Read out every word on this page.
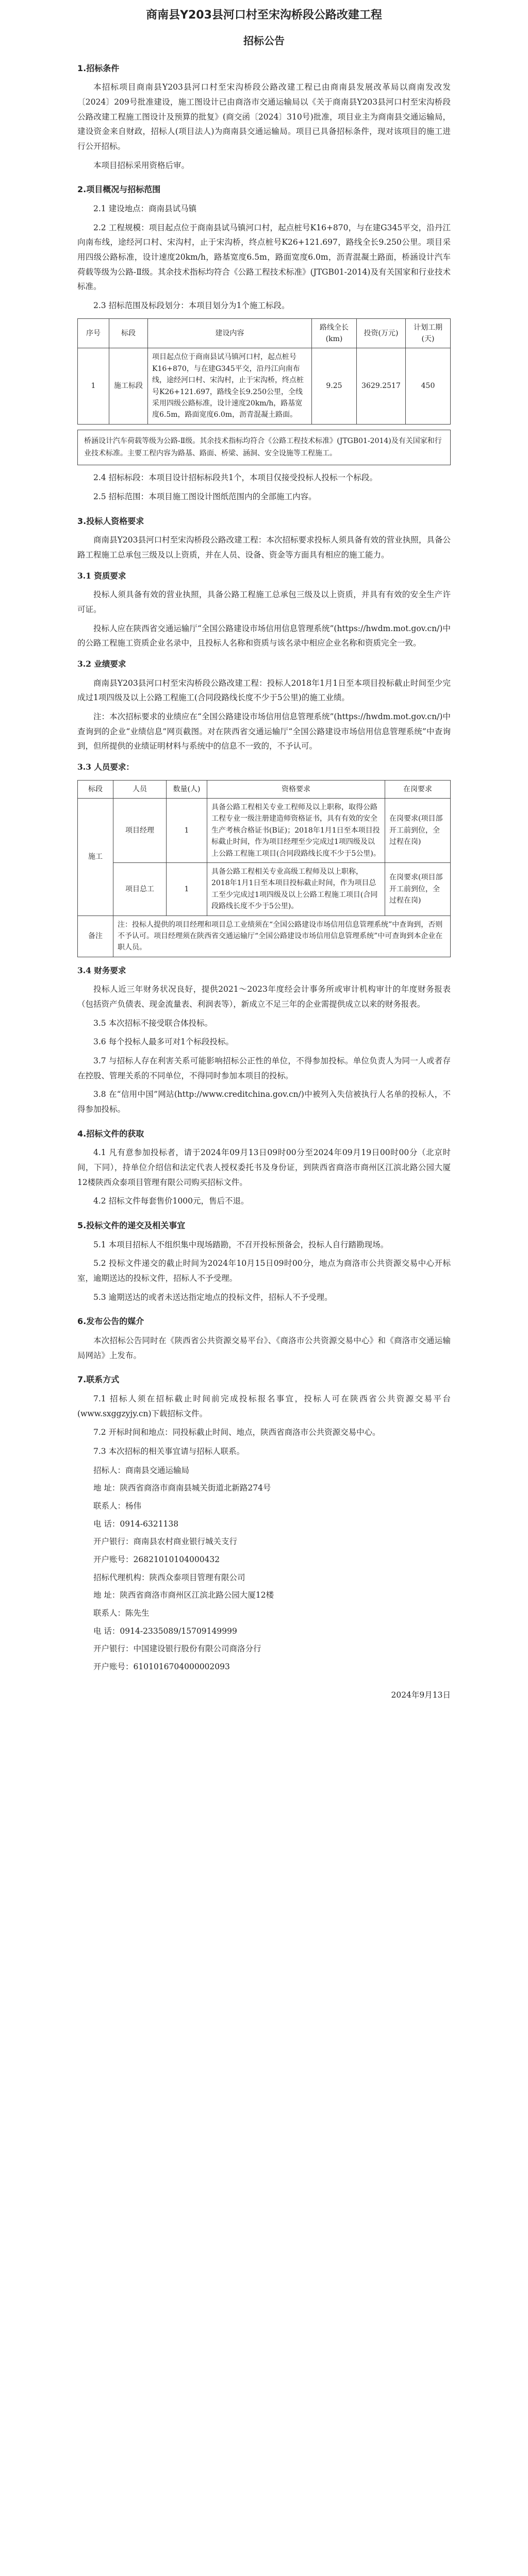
商南县Y203县河口村至宋沟桥段公路改建工程
招标公告
1.招标条件
本招标项目商南县Y203县河口村至宋沟桥段公路改建工程已由商南县发展改革局以商南发改发〔2024〕209号批准建设，施工图设计已由商洛市交通运输局以《关于商南县Y203县河口村至宋沟桥段公路改建工程施工图设计及预算的批复》(商交函〔2024〕310号)批准，项目业主为商南县交通运输局，建设资金来自财政，招标人(项目法人)为商南县交通运输局。项目已具备招标条件，现对该项目的施工进行公开招标。
本项目招标采用资格后审。
2.项目概况与招标范围
2.1 建设地点：商南县试马镇
2.2 工程规模：项目起点位于商南县试马镇河口村，起点桩号K16+870，与在建G345平交，沿丹江向南布线，途经河口村、宋沟村，止于宋沟桥，终点桩号K26+121.697，路线全长9.250公里。项目采用四级公路标准，设计速度20km/h，路基宽度6.5m，路面宽度6.0m，沥青混凝土路面，桥涵设计汽车荷载等级为公路-Ⅱ级。其余技术指标均符合《公路工程技术标准》(JTGB01-2014)及有关国家和行业技术标准。
2.3 招标范围及标段划分：本项目划分为1个施工标段。
序号	标段	建设内容	路线全长(km)	投资(万元)	计划工期(天)
1	施工标段	项目起点位于商南县试马镇河口村，起点桩号K16+870，与在建G345平交，沿丹江向南布线，途经河口村、宋沟村，止于宋沟桥，终点桩号K26+121.697，路线全长9.250公里，全线采用四级公路标准，设计速度20km/h，路基宽度6.5m，路面宽度6.0m，沥青混凝土路面。	9.25	3629.2517	450
桥涵设计汽车荷载等级为公路-Ⅱ级。其余技术指标均符合《公路工程技术标准》(JTGB01-2014)及有关国家和行业技术标准。主要工程内容为路基、路面、桥梁、涵洞、安全设施等工程施工。
2.4 招标标段：本项目设计招标标段共1个，本项目仅接受投标人投标一个标段。
2.5 招标范围：本项目施工图设计图纸范围内的全部施工内容。
3.投标人资格要求
商南县Y203县河口村至宋沟桥段公路改建工程：本次招标要求投标人须具备有效的营业执照，具备公路工程施工总承包三级及以上资质，并在人员、设备、资金等方面具有相应的施工能力。
3.1 资质要求
投标人须具备有效的营业执照，具备公路工程施工总承包三级及以上资质，并具有有效的安全生产许可证。
投标人应在陕西省交通运输厅“全国公路建设市场信用信息管理系统”(https://hwdm.mot.gov.cn/)中的公路工程施工资质企业名录中，且投标人名称和资质与该名录中相应企业名称和资质完全一致。
3.2 业绩要求
商南县Y203县河口村至宋沟桥段公路改建工程：投标人2018年1月1日至本项目投标截止时间至少完成过1项四级及以上公路工程施工(合同段路线长度不少于5公里)的施工业绩。
注：本次招标要求的业绩应在“全国公路建设市场信用信息管理系统”(https://hwdm.mot.gov.cn/)中查询到的企业“业绩信息”网页截图。对在陕西省交通运输厅“全国公路建设市场信用信息管理系统”中查询到，但所提供的业绩证明材料与系统中的信息不一致的，不予认可。
3.3 人员要求：
标段	人员	数量(人)	资格要求	在岗要求
施工	项目经理	1	具备公路工程相关专业工程师及以上职称，取得公路工程专业一级注册建造师资格证书，具有有效的安全生产考核合格证书(B证)；2018年1月1日至本项目投标截止时间，作为项目经理至少完成过1项四级及以上公路工程施工项目(合同段路线长度不少于5公里)。	在岗要求(项目部开工前到位，全过程在岗)
	项目总工	1	具备公路工程相关专业高级工程师及以上职称，2018年1月1日至本项目投标截止时间，作为项目总工至少完成过1项四级及以上公路工程施工项目(合同段路线长度不少于5公里)。	在岗要求(项目部开工前到位，全过程在岗)
备注	注：投标人提供的项目经理和项目总工业绩须在“全国公路建设市场信用信息管理系统”中查询到，否则不予认可。项目经理须在陕西省交通运输厅“全国公路建设市场信用信息管理系统”中可查询到本企业在职人员。			
3.4 财务要求
投标人近三年财务状况良好，提供2021～2023年度经会计事务所或审计机构审计的年度财务报表（包括资产负债表、现金流量表、利润表等），新成立不足三年的企业需提供成立以来的财务报表。
3.5 本次招标不接受联合体投标。
3.6 每个投标人最多可对1个标段投标。
3.7 与招标人存在利害关系可能影响招标公正性的单位，不得参加投标。单位负责人为同一人或者存在控股、管理关系的不同单位，不得同时参加本项目的投标。
3.8 在“信用中国”网站(http://www.creditchina.gov.cn/)中被列入失信被执行人名单的投标人，不得参加投标。
4.招标文件的获取
4.1 凡有意参加投标者，请于2024年09月13日09时00分至2024年09月19日00时00分（北京时间，下同），持单位介绍信和法定代表人授权委托书及身份证，到陕西省商洛市商州区江滨北路公园大厦12楼陕西众泰项目管理有限公司购买招标文件。
4.2 招标文件每套售价1000元，售后不退。
5.投标文件的递交及相关事宜
5.1 本项目招标人不组织集中现场踏勘，不召开投标预备会，投标人自行踏勘现场。
5.2 投标文件递交的截止时间为2024年10月15日09时00分，地点为商洛市公共资源交易中心开标室，逾期送达的投标文件，招标人不予受理。
5.3 逾期送达的或者未送达指定地点的投标文件，招标人不予受理。
6.发布公告的媒介
本次招标公告同时在《陕西省公共资源交易平台》、《商洛市公共资源交易中心》和《商洛市交通运输局网站》上发布。
7.联系方式
7.1 招标人须在招标截止时间前完成投标报名事宜，投标人可在陕西省公共资源交易平台(www.sxggzyjy.cn)下载招标文件。
7.2 开标时间和地点：同投标截止时间、地点，陕西省商洛市公共资源交易中心。
7.3 本次招标的相关事宜请与招标人联系。
招标人：商南县交通运输局
地 址：陕西省商洛市商南县城关街道北新路274号
联系人：杨伟
电 话：0914-6321138
开户银行：商南县农村商业银行城关支行
开户账号：26821010104000432
招标代理机构：陕西众泰项目管理有限公司
地 址：陕西省商洛市商州区江滨北路公园大厦12楼
联系人：陈先生
电 话：0914-2335089/15709149999
开户银行：中国建设银行股份有限公司商洛分行
开户账号：6101016704000002093
2024年9月13日
